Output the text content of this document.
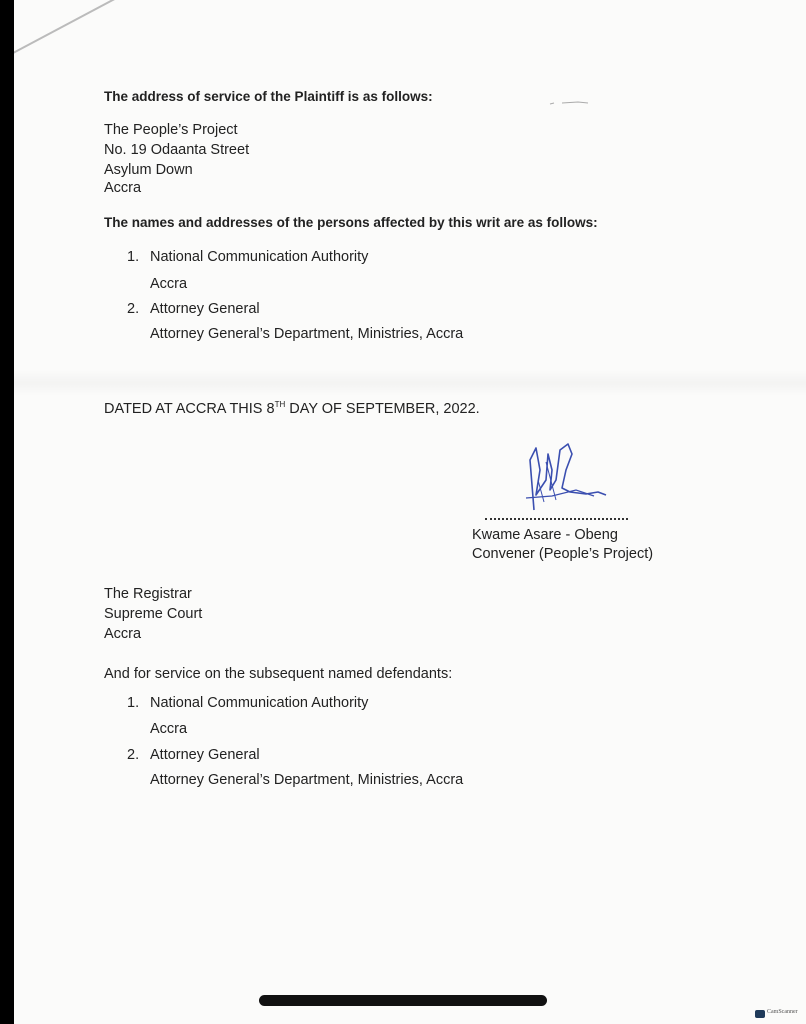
The address of service of the Plaintiff is as follows:
The People’s Project
No. 19 Odaanta Street
Asylum Down
Accra
The names and addresses of the persons affected by this writ are as follows:
1. National Communication Authority
Accra
2. Attorney General
Attorney General’s Department, Ministries, Accra
DATED AT ACCRA THIS 8TH DAY OF SEPTEMBER, 2022.
Kwame Asare - Obeng
Convener (People’s Project)
The Registrar
Supreme Court
Accra
And for service on the subsequent named defendants:
1. National Communication Authority
Accra
2. Attorney General
Attorney General’s Department, Ministries, Accra
CamScanner
